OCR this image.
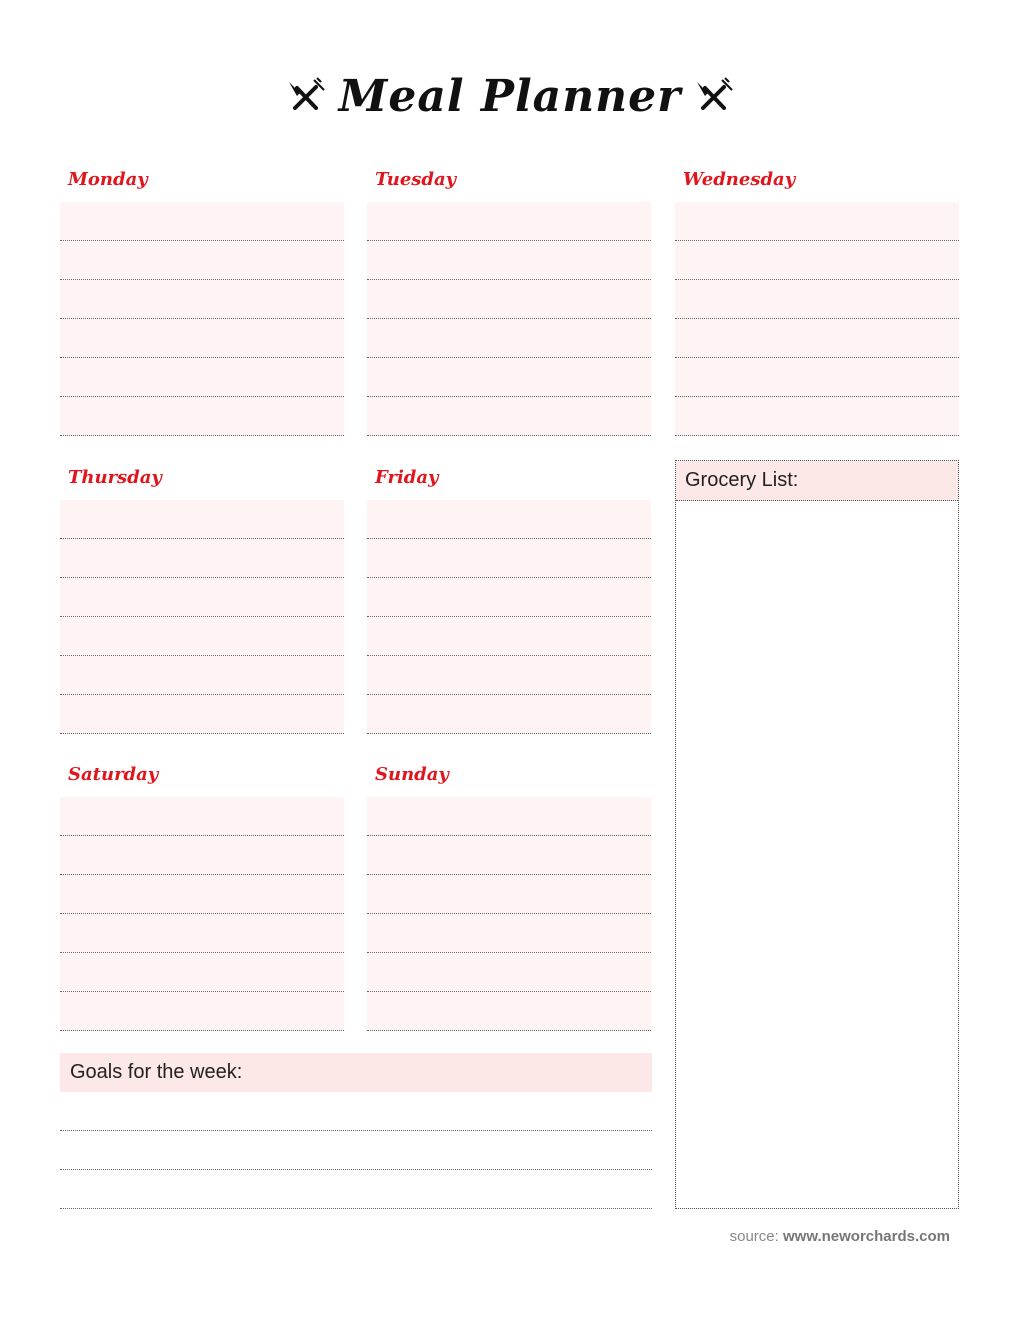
Meal Planner
Monday	Tuesday	Wednesday
Thursday	Friday
Saturday	Sunday
Grocery List:
Goals for the week:
source: www.neworchards.com
